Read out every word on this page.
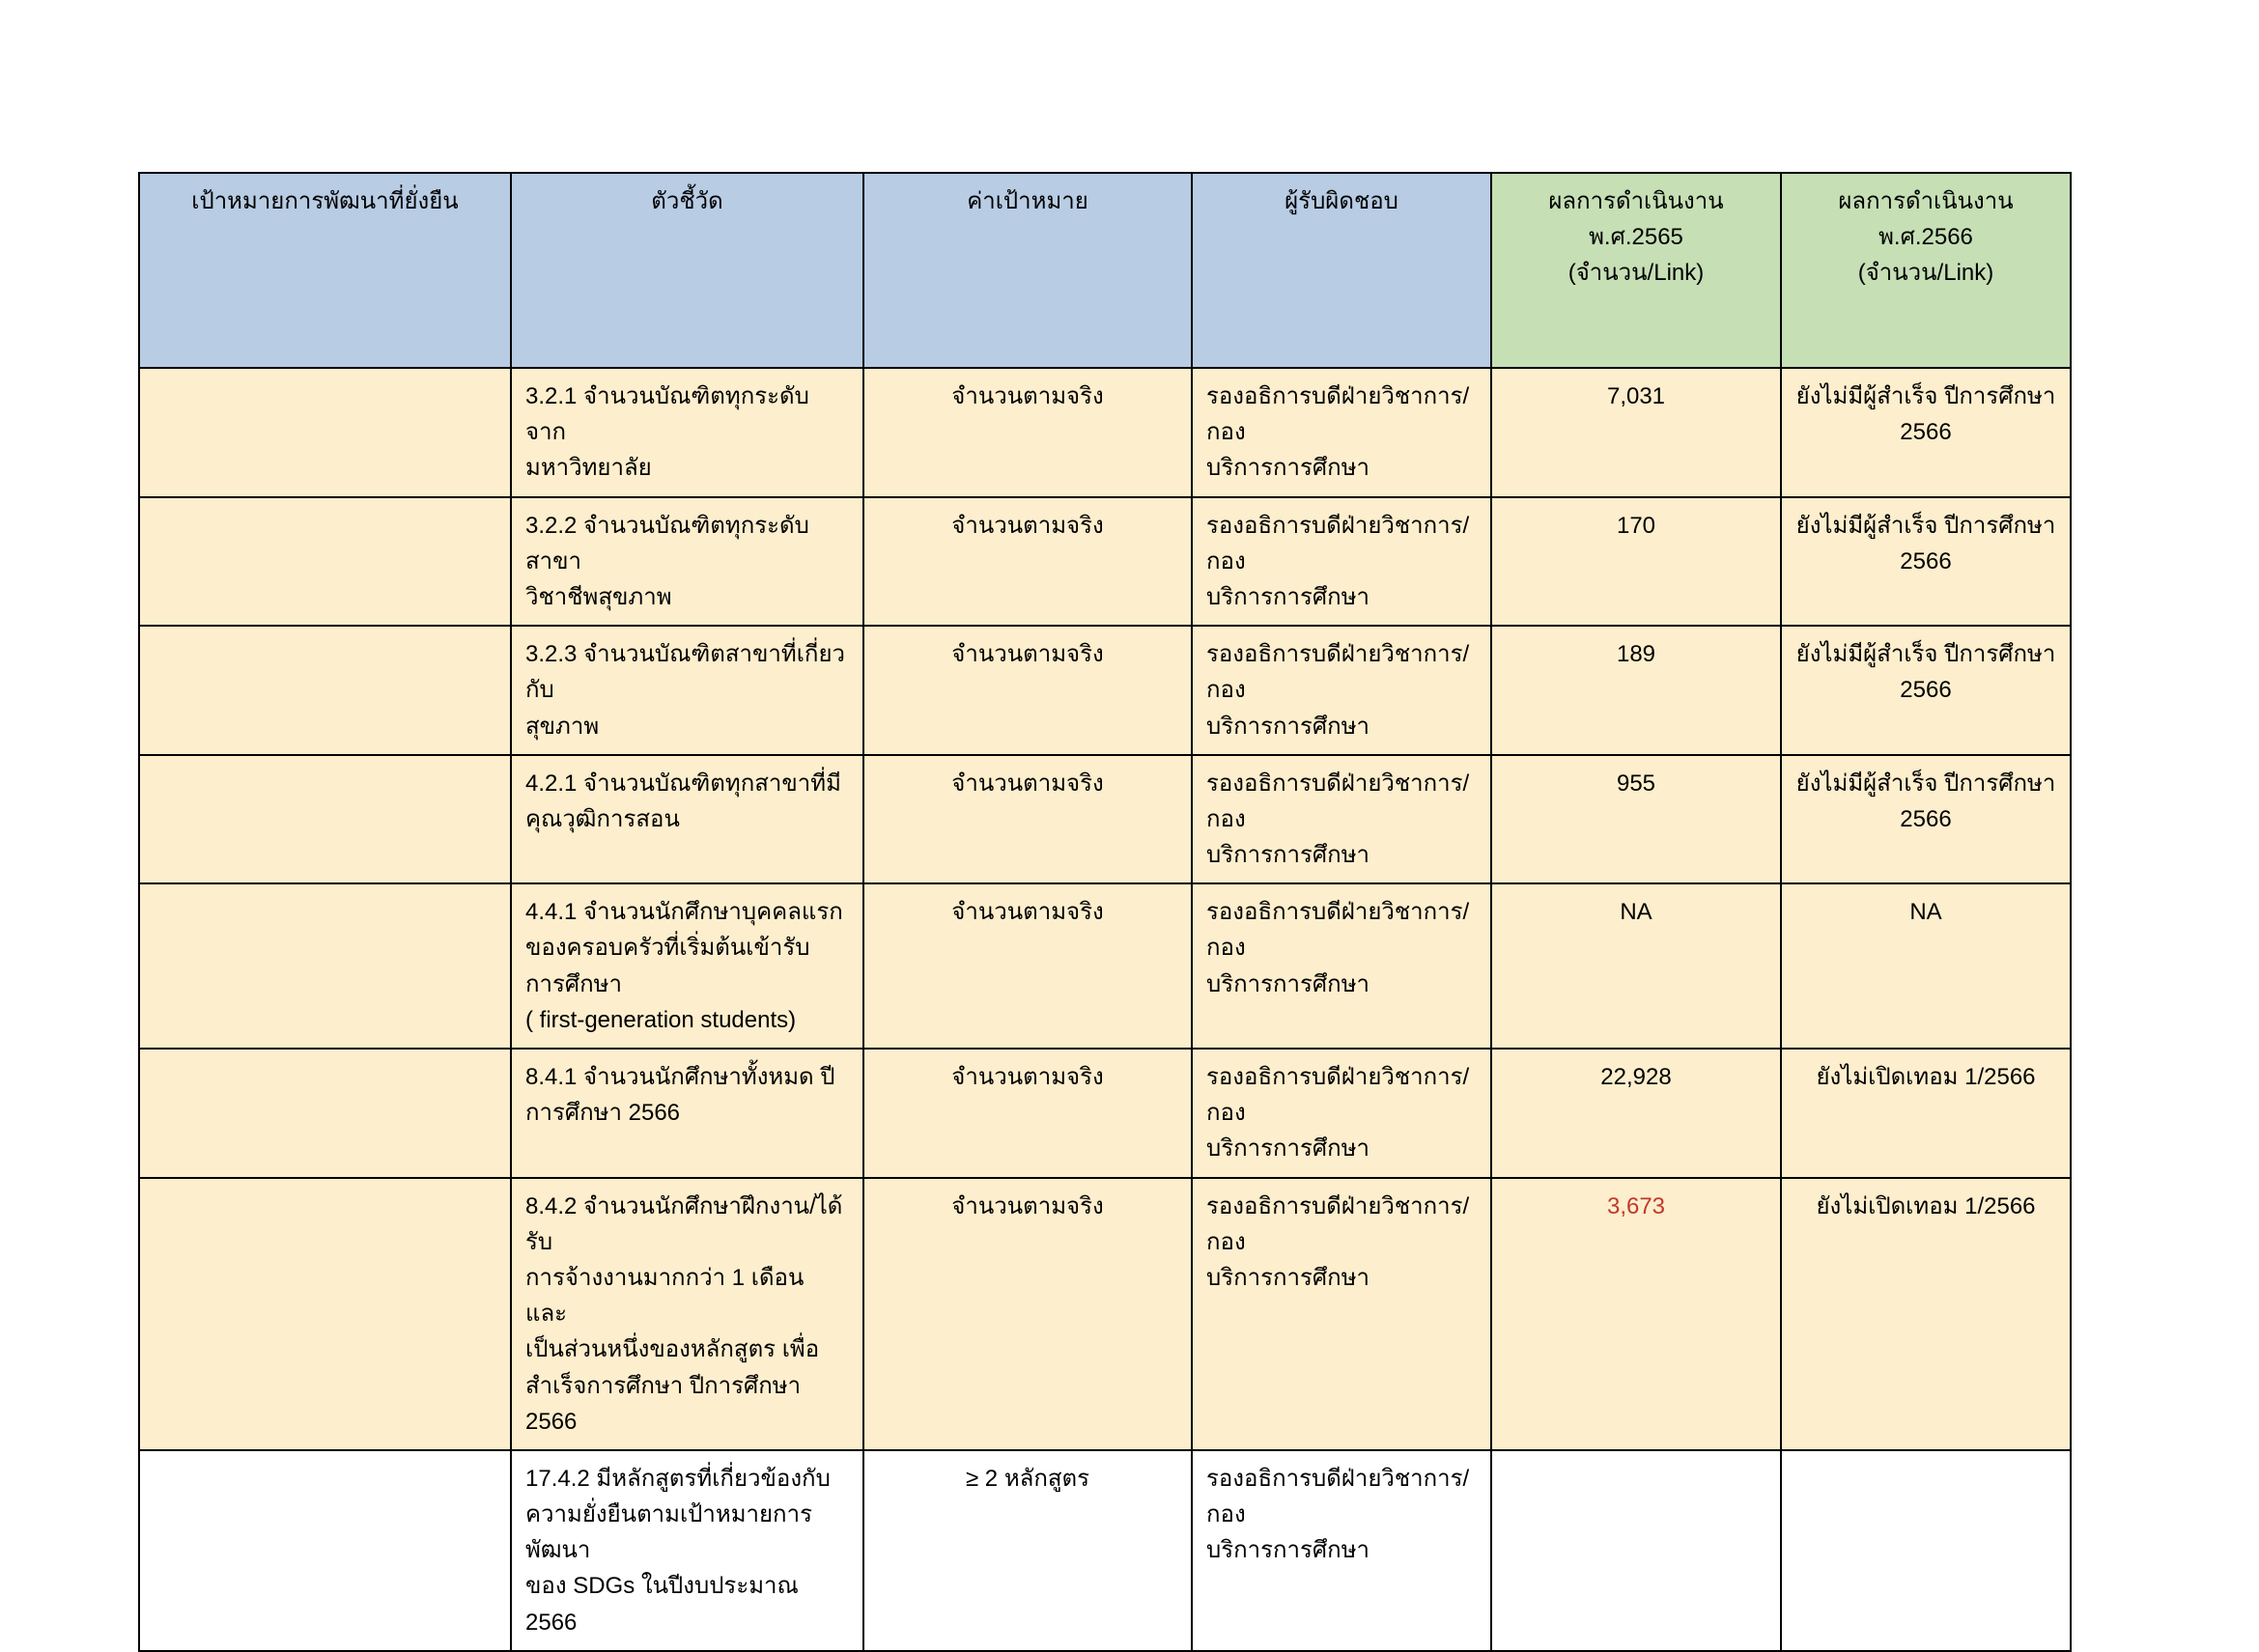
เป้าหมายการพัฒนาที่ยั่งยืน	ตัวชี้วัด	ค่าเป้าหมาย	ผู้รับผิดชอบ	ผลการดำเนินงาน พ.ศ.2565
(จำนวน/Link)	ผลการดำเนินงาน พ.ศ.2566
(จำนวน/Link)

	3.2.1 จำนวนบัณฑิตทุกระดับจาก
มหาวิทยาลัย	จำนวนตามจริง	รองอธิการบดีฝ่ายวิชาการ/กอง
บริการการศึกษา	7,031	ยังไม่มีผู้สำเร็จ ปีการศึกษา
2566

	3.2.2 จำนวนบัณฑิตทุกระดับสาขา
วิชาชีพสุขภาพ	จำนวนตามจริง	รองอธิการบดีฝ่ายวิชาการ/กอง
บริการการศึกษา	170	ยังไม่มีผู้สำเร็จ ปีการศึกษา
2566

	3.2.3 จำนวนบัณฑิตสาขาที่เกี่ยวกับ
สุขภาพ	จำนวนตามจริง	รองอธิการบดีฝ่ายวิชาการ/กอง
บริการการศึกษา	189	ยังไม่มีผู้สำเร็จ ปีการศึกษา
2566

	4.2.1 จำนวนบัณฑิตทุกสาขาที่มี
คุณวุฒิการสอน	จำนวนตามจริง	รองอธิการบดีฝ่ายวิชาการ/กอง
บริการการศึกษา	955	ยังไม่มีผู้สำเร็จ ปีการศึกษา
2566

	4.4.1 จำนวนนักศึกษาบุคคลแรก
ของครอบครัวที่เริ่มต้นเข้ารับ
การศึกษา
( first-generation students)	จำนวนตามจริง	รองอธิการบดีฝ่ายวิชาการ/กอง
บริการการศึกษา	NA	NA

	8.4.1 จำนวนนักศึกษาทั้งหมด ปี
การศึกษา 2566	จำนวนตามจริง	รองอธิการบดีฝ่ายวิชาการ/กอง
บริการการศึกษา	22,928	ยังไม่เปิดเทอม 1/2566

	8.4.2 จำนวนนักศึกษาฝึกงาน/ได้รับ
การจ้างงานมากกว่า 1 เดือน และ
เป็นส่วนหนึ่งของหลักสูตร เพื่อ
สำเร็จการศึกษา ปีการศึกษา 2566	จำนวนตามจริง	รองอธิการบดีฝ่ายวิชาการ/กอง
บริการการศึกษา	3,673	ยังไม่เปิดเทอม 1/2566

	17.4.2 มีหลักสูตรที่เกี่ยวข้องกับ
ความยั่งยืนตามเป้าหมายการพัฒนา
ของ SDGs ในปีงบประมาณ 2566	≥ 2 หลักสูตร	รองอธิการบดีฝ่ายวิชาการ/กอง
บริการการศึกษา		
